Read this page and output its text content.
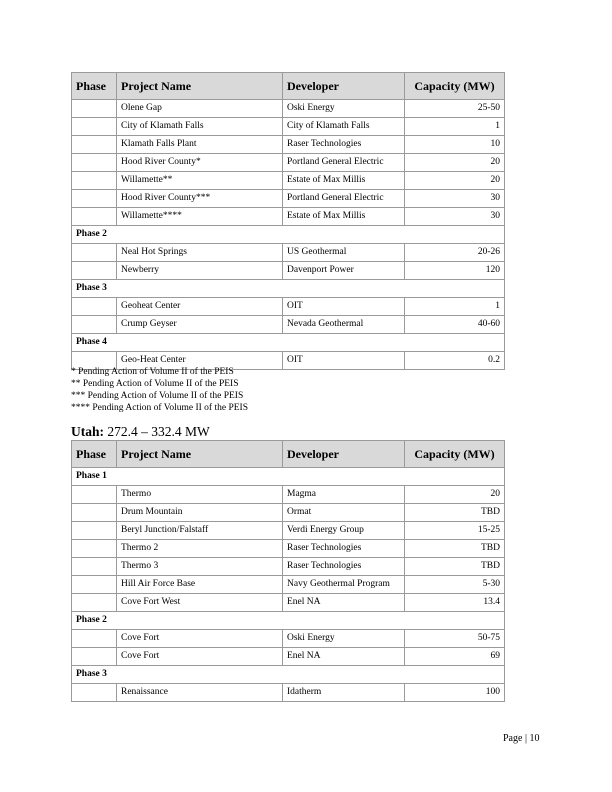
Phase	Project Name	Developer	Capacity (MW)
	Olene Gap	Oski Energy	25-50
	City of Klamath Falls	City of Klamath Falls	1
	Klamath Falls Plant	Raser Technologies	10
	Hood River County*	Portland General Electric	20
	Willamette**	Estate of Max Millis	20
	Hood River County***	Portland General Electric	30
	Willamette****	Estate of Max Millis	30
Phase 2			
	Neal Hot Springs	US Geothermal	20-26
	Newberry	Davenport Power	120
Phase 3			
	Geoheat Center	OIT	1
	Crump Geyser	Nevada Geothermal	40-60
Phase 4			
	Geo-Heat Center	OIT	0.2
* Pending Action of Volume II of the PEIS
** Pending Action of Volume II of the PEIS
*** Pending Action of Volume II of the PEIS
**** Pending Action of Volume II of the PEIS
Utah: 272.4 – 332.4 MW
Phase	Project Name	Developer	Capacity (MW)
Phase 1			
	Thermo	Magma	20
	Drum Mountain	Ormat	TBD
	Beryl Junction/Falstaff	Verdi Energy Group	15-25
	Thermo 2	Raser Technologies	TBD
	Thermo 3	Raser Technologies	TBD
	Hill Air Force Base	Navy Geothermal Program	5-30
	Cove Fort West	Enel NA	13.4
Phase 2			
	Cove Fort	Oski Energy	50-75
	Cove Fort	Enel NA	69
Phase 3			
	Renaissance	Idatherm	100
Page | 10
